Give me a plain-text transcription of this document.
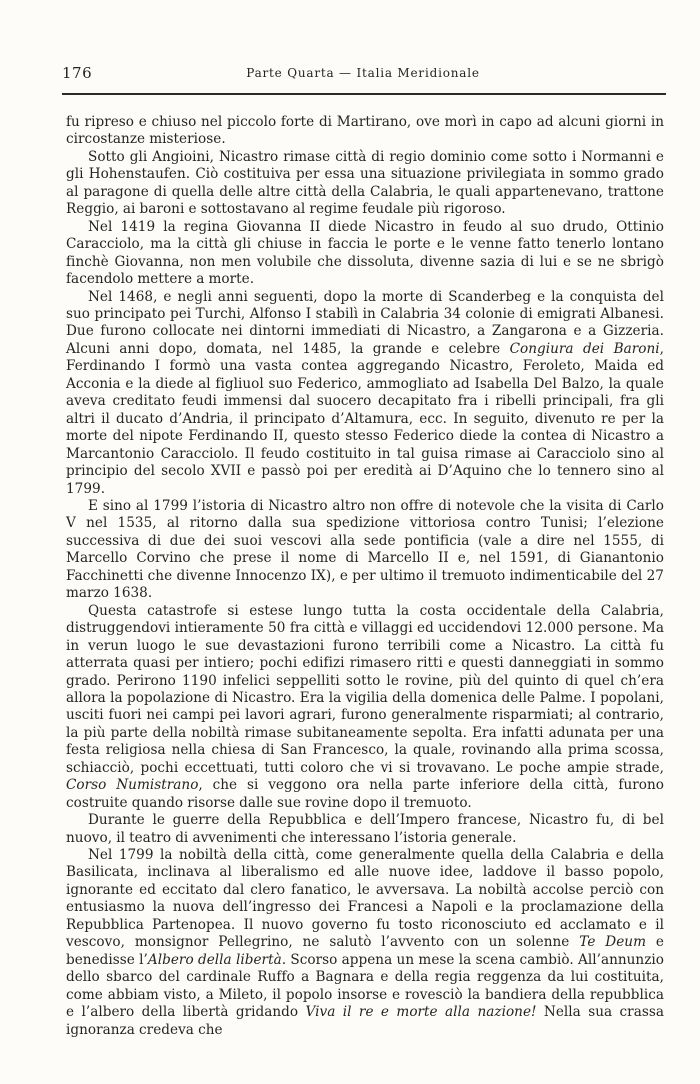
176	Parte Quarta — Italia Meridionale

fu ripreso e chiuso nel piccolo forte di Martirano, ove morì in capo ad alcuni giorni in circostanze misteriose.

Sotto gli Angioini, Nicastro rimase città di regio dominio come sotto i Normanni e gli Hohenstaufen. Ciò costituiva per essa una situazione privilegiata in sommo grado al paragone di quella delle altre città della Calabria, le quali appartenevano, trattone Reggio, ai baroni e sottostavano al regime feudale più rigoroso.

Nel 1419 la regina Giovanna II diede Nicastro in feudo al suo drudo, Ottinio Caracciolo, ma la città gli chiuse in faccia le porte e le venne fatto tenerlo lontano finchè Giovanna, non men volubile che dissoluta, divenne sazia di lui e se ne sbrigò facendolo mettere a morte.

Nel 1468, e negli anni seguenti, dopo la morte di Scanderbeg e la conquista del suo principato pei Turchi, Alfonso I stabilì in Calabria 34 colonie di emigrati Albanesi. Due furono collocate nei dintorni immediati di Nicastro, a Zangarona e a Gizzeria. Alcuni anni dopo, domata, nel 1485, la grande e celebre Congiura dei Baroni, Ferdinando I formò una vasta contea aggregando Nicastro, Feroleto, Maida ed Acconia e la diede al figliuol suo Federico, ammogliato ad Isabella Del Balzo, la quale aveva creditato feudi immensi dal suocero decapitato fra i ribelli principali, fra gli altri il ducato d’Andria, il principato d’Altamura, ecc. In seguito, divenuto re per la morte del nipote Ferdinando II, questo stesso Federico diede la contea di Nicastro a Marcantonio Caracciolo. Il feudo costituito in tal guisa rimase ai Caracciolo sino al principio del secolo XVII e passò poi per eredità ai D’Aquino che lo tennero sino al 1799.

E sino al 1799 l’istoria di Nicastro altro non offre di notevole che la visita di Carlo V nel 1535, al ritorno dalla sua spedizione vittoriosa contro Tunisi; l’elezione successiva di due dei suoi vescovi alla sede pontificia (vale a dire nel 1555, di Marcello Corvino che prese il nome di Marcello II e, nel 1591, di Gianantonio Facchinetti che divenne Innocenzo IX), e per ultimo il tremuoto indimenticabile del 27 marzo 1638.

Questa catastrofe si estese lungo tutta la costa occidentale della Calabria, distruggendovi intieramente 50 fra città e villaggi ed uccidendovi 12.000 persone. Ma in verun luogo le sue devastazioni furono terribili come a Nicastro. La città fu atterrata quasi per intiero; pochi edifizi rimasero ritti e questi danneggiati in sommo grado. Perirono 1190 infelici seppelliti sotto le rovine, più del quinto di quel ch’era allora la popolazione di Nicastro. Era la vigilia della domenica delle Palme. I popolani, usciti fuori nei campi pei lavori agrari, furono generalmente risparmiati; al contrario, la più parte della nobiltà rimase subitaneamente sepolta. Era infatti adunata per una festa religiosa nella chiesa di San Francesco, la quale, rovinando alla prima scossa, schiacciò, pochi eccettuati, tutti coloro che vi si trovavano. Le poche ampie strade, Corso Numistrano, che si veggono ora nella parte inferiore della città, furono costruite quando risorse dalle sue rovine dopo il tremuoto.

Durante le guerre della Repubblica e dell’Impero francese, Nicastro fu, di bel nuovo, il teatro di avvenimenti che interessano l’istoria generale.

Nel 1799 la nobiltà della città, come generalmente quella della Calabria e della Basilicata, inclinava al liberalismo ed alle nuove idee, laddove il basso popolo, ignorante ed eccitato dal clero fanatico, le avversava. La nobiltà accolse perciò con entusiasmo la nuova dell’ingresso dei Francesi a Napoli e la proclamazione della Repubblica Partenopea. Il nuovo governo fu tosto riconosciuto ed acclamato e il vescovo, monsignor Pellegrino, ne salutò l’avvento con un solenne Te Deum e benedisse l’Albero della libertà. Scorso appena un mese la scena cambiò. All’annunzio dello sbarco del cardinale Ruffo a Bagnara e della regia reggenza da lui costituita, come abbiam visto, a Mileto, il popolo insorse e rovesciò la bandiera della repubblica e l’albero della libertà gridando Viva il re e morte alla nazione! Nella sua crassa ignoranza credeva che
